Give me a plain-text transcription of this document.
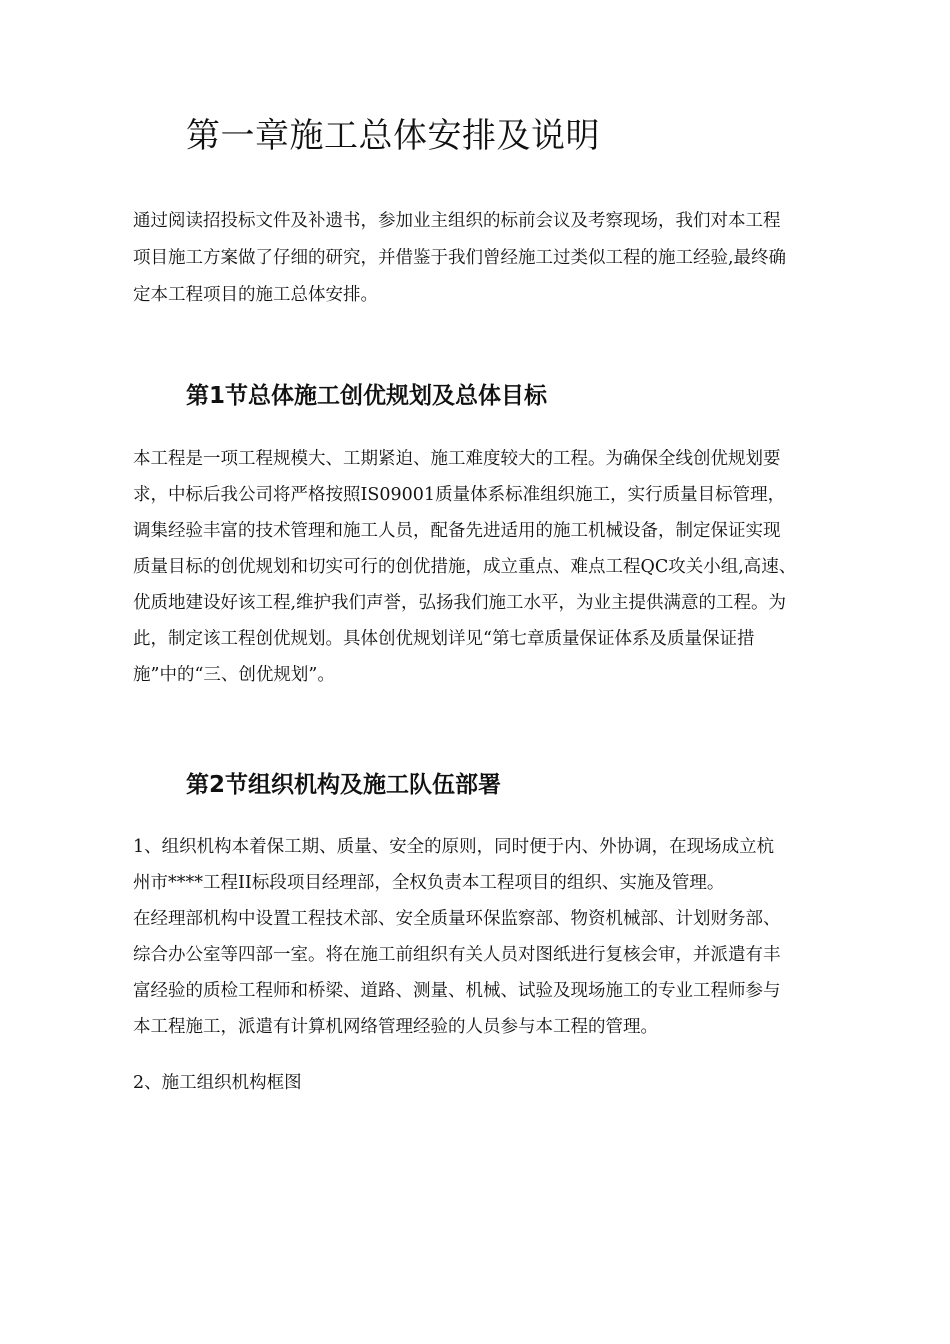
第一章施工总体安排及说明
通过阅读招投标文件及补遗书，参加业主组织的标前会议及考察现场，我们对本工程
项目施工方案做了仔细的研究，并借鉴于我们曾经施工过类似工程的施工经验,最终确
定本工程项目的施工总体安排。
第1节总体施工创优规划及总体目标
本工程是一项工程规模大、工期紧迫、施工难度较大的工程。为确保全线创优规划要
求，中标后我公司将严格按照IS09001质量体系标准组织施工，实行质量目标管理，
调集经验丰富的技术管理和施工人员，配备先进适用的施工机械设备，制定保证实现
质量目标的创优规划和切实可行的创优措施，成立重点、难点工程QC攻关小组,高速、
优质地建设好该工程,维护我们声誉，弘扬我们施工水平，为业主提供满意的工程。为
此，制定该工程创优规划。具体创优规划详见“第七章质量保证体系及质量保证措
施”中的“三、创优规划”。
第2节组织机构及施工队伍部署
1、组织机构本着保工期、质量、安全的原则，同时便于内、外协调，在现场成立杭
州市****工程II标段项目经理部，全权负责本工程项目的组织、实施及管理。
在经理部机构中设置工程技术部、安全质量环保监察部、物资机械部、计划财务部、
综合办公室等四部一室。将在施工前组织有关人员对图纸进行复核会审，并派遣有丰
富经验的质检工程师和桥梁、道路、测量、机械、试验及现场施工的专业工程师参与
本工程施工，派遣有计算机网络管理经验的人员参与本工程的管理。
2、施工组织机构框图
